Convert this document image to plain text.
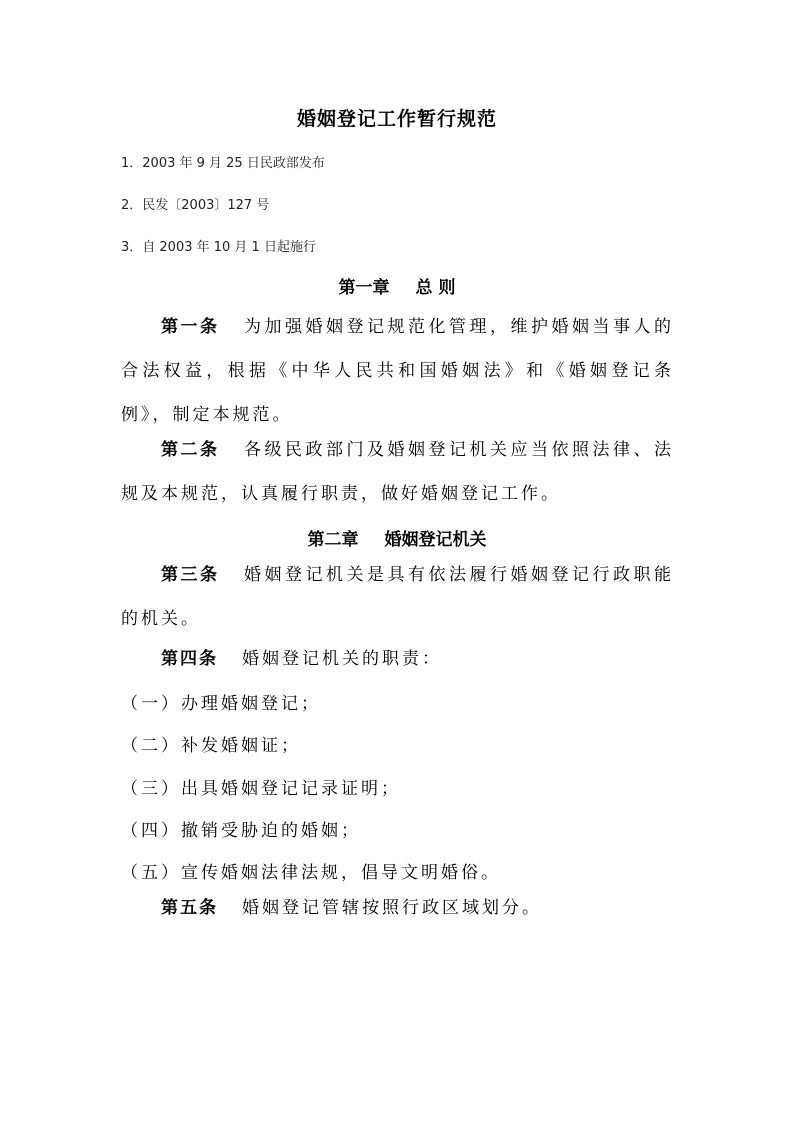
婚姻登记工作暂行规范
1．2003 年 9 月 25 日民政部发布
2．民发〔2003〕127 号
3．自 2003 年 10 月 1 日起施行
第一章 总 则
第一条 为加强婚姻登记规范化管理，维护婚姻当事人的合法权益，根据《中华人民共和国婚姻法》和《婚姻登记条例》，制定本规范。
第二条 各级民政部门及婚姻登记机关应当依照法律、法规及本规范，认真履行职责，做好婚姻登记工作。
第二章 婚姻登记机关
第三条 婚姻登记机关是具有依法履行婚姻登记行政职能的机关。
第四条 婚姻登记机关的职责：
（一）办理婚姻登记；
（二）补发婚姻证；
（三）出具婚姻登记记录证明；
（四）撤销受胁迫的婚姻；
（五）宣传婚姻法律法规，倡导文明婚俗。
第五条 婚姻登记管辖按照行政区域划分。
